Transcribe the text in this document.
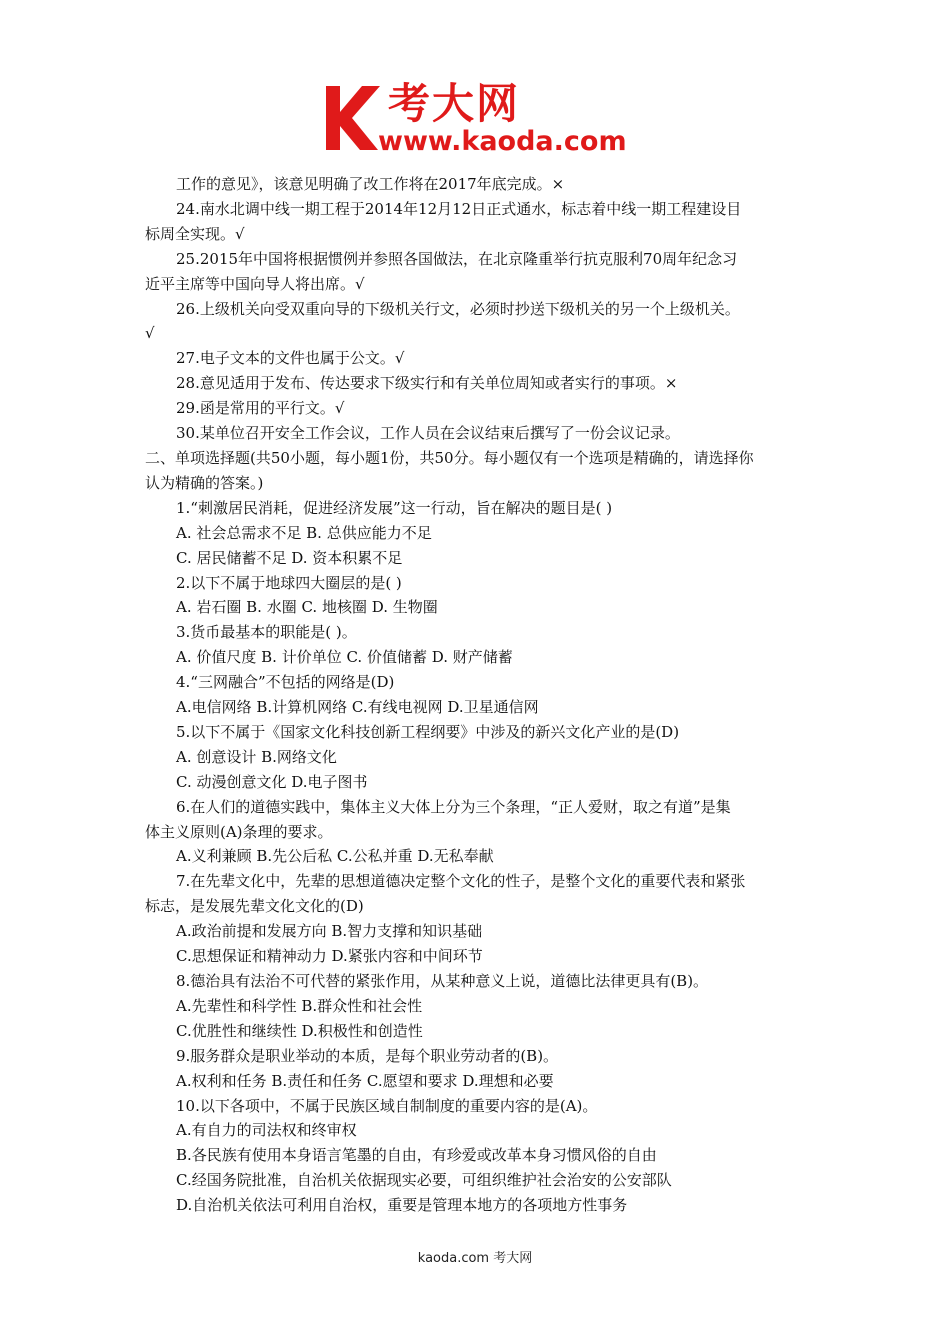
考大网
www.kaoda.com
工作的意见》，该意见明确了改工作将在2017年底完成。×
24.南水北调中线一期工程于2014年12月12日正式通水，标志着中线一期工程建设目
标周全实现。√
25.2015年中国将根据惯例并参照各国做法，在北京隆重举行抗克服利70周年纪念习
近平主席等中国向导人将出席。√
26.上级机关向受双重向导的下级机关行文，必须时抄送下级机关的另一个上级机关。
√
27.电子文本的文件也属于公文。√
28.意见适用于发布、传达要求下级实行和有关单位周知或者实行的事项。×
29.函是常用的平行文。√
30.某单位召开安全工作会议，工作人员在会议结束后撰写了一份会议记录。
二、单项选择题(共50小题，每小题1份，共50分。每小题仅有一个选项是精确的，请选择你
认为精确的答案。)
1.“刺激居民消耗，促进经济发展”这一行动，旨在解决的题目是( )
A. 社会总需求不足 B. 总供应能力不足
C. 居民储蓄不足 D. 资本积累不足
2.以下不属于地球四大圈层的是( )
A. 岩石圈 B. 水圈 C. 地核圈 D. 生物圈
3.货币最基本的职能是( )。
A. 价值尺度 B. 计价单位 C. 价值储蓄 D. 财产储蓄
4.“三网融合”不包括的网络是(D)
A.电信网络 B.计算机网络 C.有线电视网 D.卫星通信网
5.以下不属于《国家文化科技创新工程纲要》中涉及的新兴文化产业的是(D)
A. 创意设计 B.网络文化
C. 动漫创意文化 D.电子图书
6.在人们的道德实践中，集体主义大体上分为三个条理，“正人爱财，取之有道”是集
体主义原则(A)条理的要求。
A.义利兼顾 B.先公后私 C.公私并重 D.无私奉献
7.在先辈文化中，先辈的思想道德决定整个文化的性子，是整个文化的重要代表和紧张
标志，是发展先辈文化文化的(D)
A.政治前提和发展方向 B.智力支撑和知识基础
C.思想保证和精神动力 D.紧张内容和中间环节
8.德治具有法治不可代替的紧张作用，从某种意义上说，道德比法律更具有(B)。
A.先辈性和科学性 B.群众性和社会性
C.优胜性和继续性 D.积极性和创造性
9.服务群众是职业举动的本质，是每个职业劳动者的(B)。
A.权利和任务 B.责任和任务 C.愿望和要求 D.理想和必要
10.以下各项中，不属于民族区域自制制度的重要内容的是(A)。
A.有自力的司法权和终审权
B.各民族有使用本身语言笔墨的自由，有珍爱或改革本身习惯风俗的自由
C.经国务院批准，自治机关依据现实必要，可组织维护社会治安的公安部队
D.自治机关依法可利用自治权，重要是管理本地方的各项地方性事务
kaoda.com 考大网
